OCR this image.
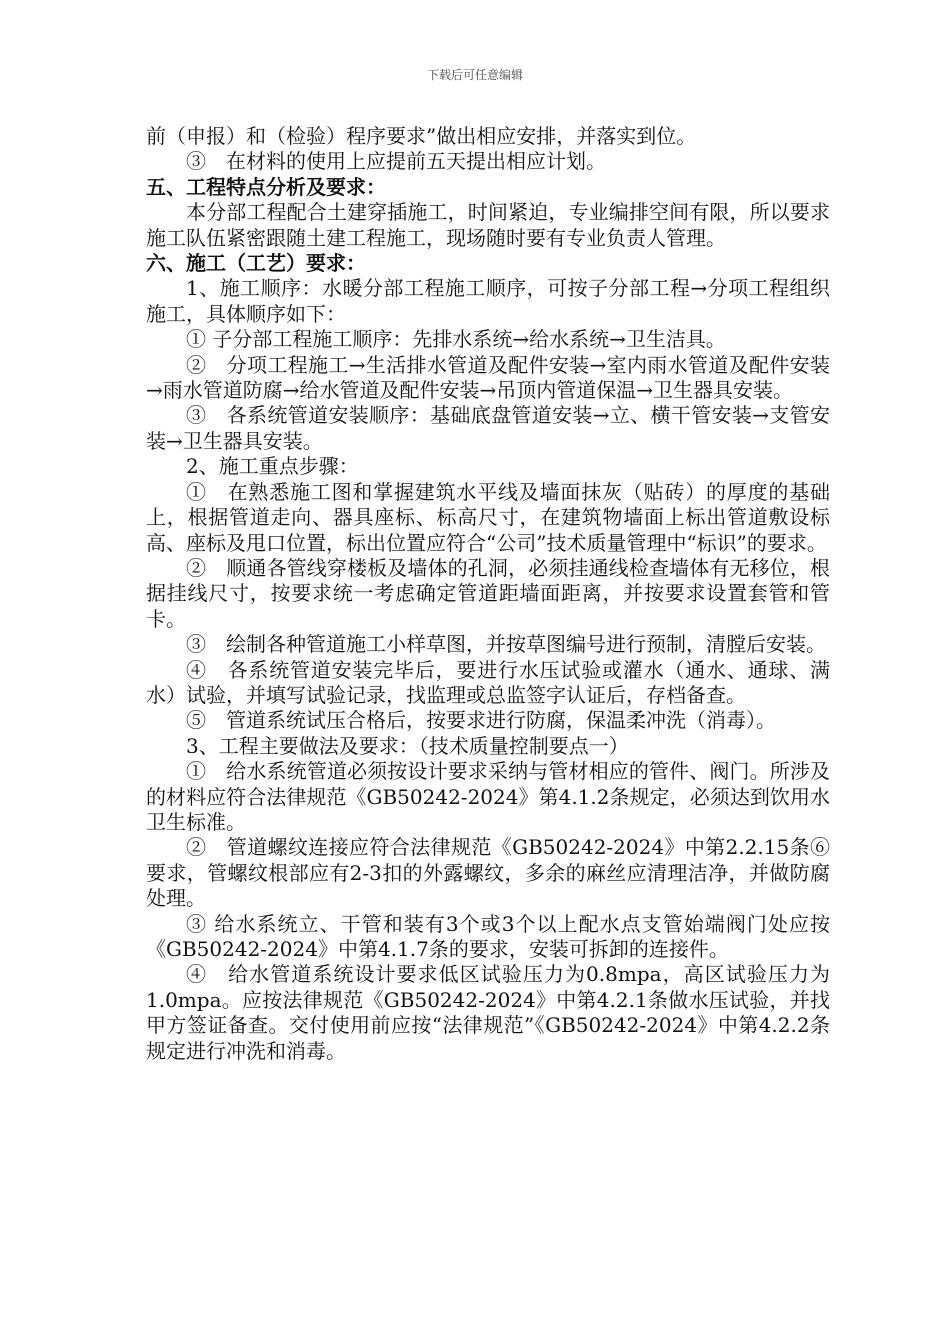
下载后可任意编辑

前（申报）和（检验）程序要求”做出相应安排，并落实到位。

③　在材料的使用上应提前五天提出相应计划。

五、工程特点分析及要求：

本分部工程配合土建穿插施工，时间紧迫，专业编排空间有限，所以要求施工队伍紧密跟随土建工程施工，现场随时要有专业负责人管理。

六、施工（工艺）要求：

1、施工顺序：水暖分部工程施工顺序，可按子分部工程→分项工程组织施工，具体顺序如下：

① 子分部工程施工顺序：先排水系统→给水系统→卫生洁具。

②　分项工程施工→生活排水管道及配件安装→室内雨水管道及配件安装→雨水管道防腐→给水管道及配件安装→吊顶内管道保温→卫生器具安装。

③　各系统管道安装顺序：基础底盘管道安装→立、横干管安装→支管安装→卫生器具安装。

2、施工重点步骤：

①　在熟悉施工图和掌握建筑水平线及墙面抹灰（贴砖）的厚度的基础上，根据管道走向、器具座标、标高尺寸，在建筑物墙面上标出管道敷设标高、座标及甩口位置，标出位置应符合“公司”技术质量管理中“标识”的要求。

②　顺通各管线穿楼板及墙体的孔洞，必须挂通线检查墙体有无移位，根据挂线尺寸，按要求统一考虑确定管道距墙面距离，并按要求设置套管和管卡。

③　绘制各种管道施工小样草图，并按草图编号进行预制，清膛后安装。

④　各系统管道安装完毕后，要进行水压试验或灌水（通水、通球、满水）试验，并填写试验记录，找监理或总监签字认证后，存档备查。

⑤　管道系统试压合格后，按要求进行防腐，保温柔冲洗（消毒）。

3、工程主要做法及要求：（技术质量控制要点一）

①　给水系统管道必须按设计要求采纳与管材相应的管件、阀门。所涉及的材料应符合法律规范《GB50242-2024》第4.1.2条规定，必须达到饮用水卫生标准。

②　管道螺纹连接应符合法律规范《GB50242-2024》中第2.2.15条⑥要求，管螺纹根部应有2-3扣的外露螺纹，多余的麻丝应清理洁净，并做防腐处理。

③ 给水系统立、干管和装有3个或3个以上配水点支管始端阀门处应按《GB50242-2024》中第4.1.7条的要求，安装可拆卸的连接件。

④　给水管道系统设计要求低区试验压力为0.8mpa，高区试验压力为1.0mpa。应按法律规范《GB50242-2024》中第4.2.1条做水压试验，并找甲方签证备查。交付使用前应按“法律规范”《GB50242-2024》中第4.2.2条规定进行冲洗和消毒。
